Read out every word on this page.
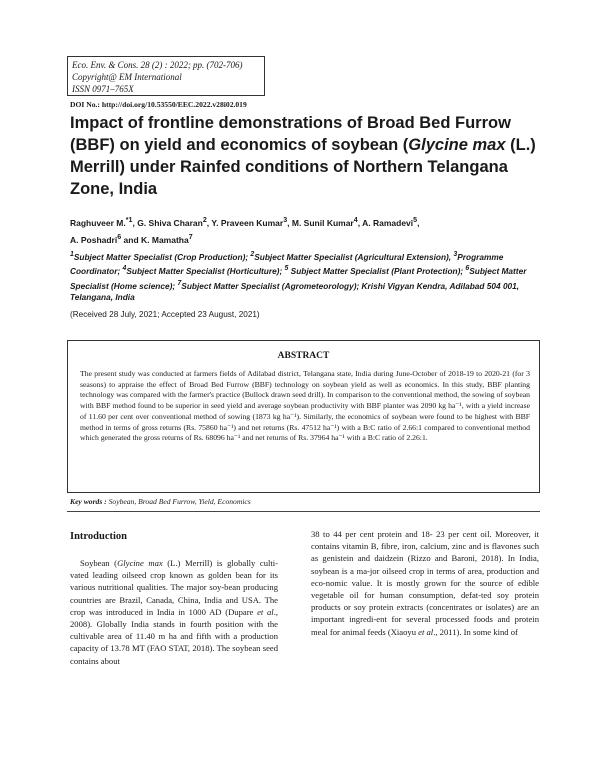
Eco. Env. & Cons. 28 (2) : 2022; pp. (702-706)
Copyright@ EM International
ISSN 0971–765X
DOI No.: http://doi.org/10.53550/EEC.2022.v28i02.019
Impact of frontline demonstrations of Broad Bed Furrow (BBF) on yield and economics of soybean (Glycine max (L.) Merrill) under Rainfed conditions of Northern Telangana Zone, India
Raghuveer M.$^{*1}$, G. Shiva Charan$^2$, Y. Praveen Kumar$^3$, M. Sunil Kumar$^4$, A. Ramadevi$^5$,
A. Poshadri$^6$ and K. Mamatha$^7$
$^1$Subject Matter Specialist (Crop Production); $^2$Subject Matter Specialist (Agricultural Extension), $^3$Programme Coordinator; $^4$Subject Matter Specialist (Horticulture); $^5$ Subject Matter Specialist (Plant Protection); $^6$Subject Matter Specialist (Home science); $^7$Subject Matter Specialist (Agrometeorology); Krishi Vigyan Kendra, Adilabad 504 001, Telangana, India
(Received 28 July, 2021; Accepted 23 August, 2021)
ABSTRACT
The present study was conducted at farmers fields of Adilabad district, Telangana state, India during June-October of 2018-19 to 2020-21 (for 3 seasons) to appraise the effect of Broad Bed Furrow (BBF) technology on soybean yield as well as economics. In this study, BBF planting technology was compared with the farmer's practice (Bullock drawn seed drill). In comparison to the conventional method, the sowing of soybean with BBF method found to be superior in seed yield and average soybean productivity with BBF planter was 2090 kg ha⁻¹, with a yield increase of 11.60 per cent over conventional method of sowing (1873 kg ha⁻¹). Similarly, the economics of soybean were found to be highest with BBF method in terms of gross returns (Rs. 75860 ha⁻¹) and net returns (Rs. 47512 ha⁻¹) with a B:C ratio of 2.66:1 compared to conventional method which generated the gross returns of Rs. 68096 ha⁻¹ and net returns of Rs. 37964 ha⁻¹ with a B:C ratio of 2.26:1.
Key words : Soybean, Broad Bed Furrow, Yield, Economics
Introduction
Soybean (Glycine max (L.) Merrill) is globally culti-vated leading oilseed crop known as golden bean for its various nutritional qualities. The major soy-bean producing countries are Brazil, Canada, China, India and USA. The crop was introduced in India in 1000 AD (Dupare et al., 2008). Globally India stands in fourth position with the cultivable area of 11.40 m ha and fifth with a production capacity of 13.78 MT (FAO STAT, 2018). The soybean seed contains about
38 to 44 per cent protein and 18- 23 per cent oil. Moreover, it contains vitamin B, fibre, iron, calcium, zinc and is flavones such as genistein and daidzein (Rizzo and Baroni, 2018). In India, soybean is a ma-jor oilseed crop in terms of area, production and eco-nomic value. It is mostly grown for the source of edible vegetable oil for human consumption, defat-ted soy protein products or soy protein extracts (concentrates or isolates) are an important ingredi-ent for several processed foods and protein meal for animal feeds (Xiaoyu et al., 2011). In some kind of
